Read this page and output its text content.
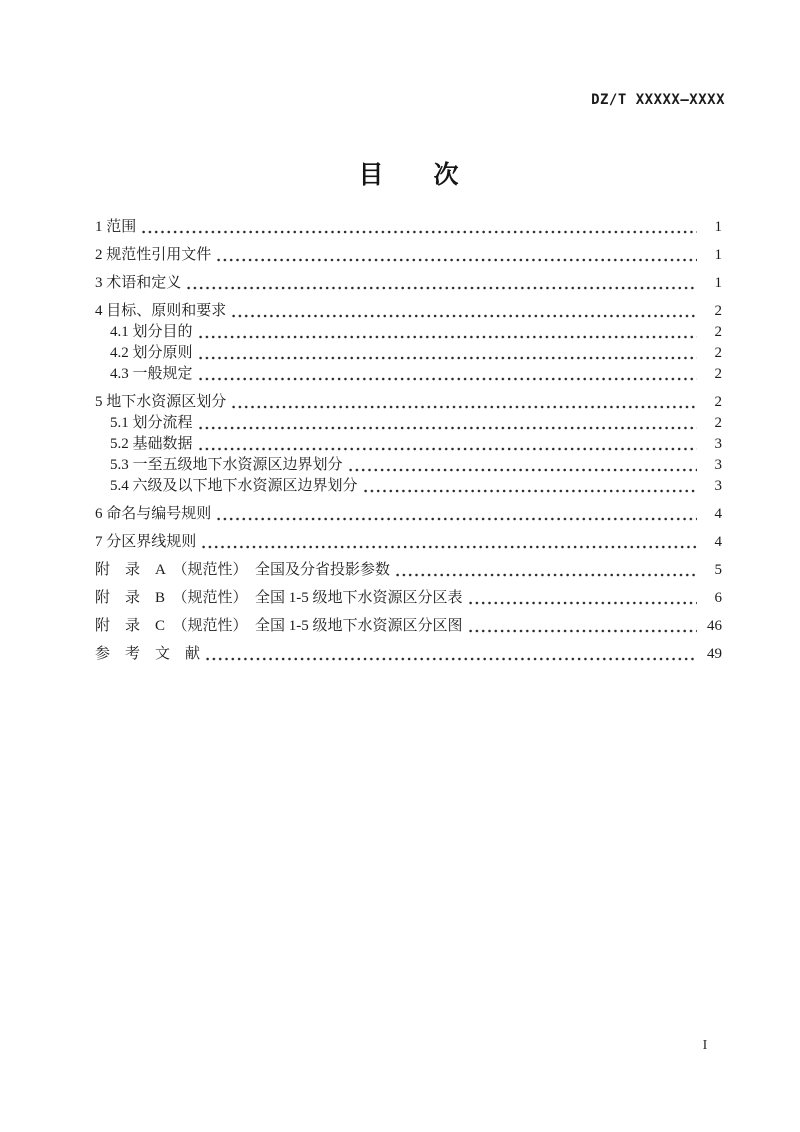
DZ/T XXXXX—XXXX
目　　次
1 范围	1
2 规范性引用文件	1
3 术语和定义	1
4 目标、原则和要求	2
4.1 划分目的	2
4.2 划分原则	2
4.3 一般规定	2
5 地下水资源区划分	2
5.1 划分流程	2
5.2 基础数据	3
5.3 一至五级地下水资源区边界划分	3
5.4 六级及以下地下水资源区边界划分	3
6 命名与编号规则	4
7 分区界线规则	4
附　录　A　（规范性）　全国及分省投影参数	5
附　录　B　（规范性）　全国 1-5 级地下水资源区分区表	6
附　录　C　（规范性）　全国 1-5 级地下水资源区分区图	46
参　考　文　献	49
I
